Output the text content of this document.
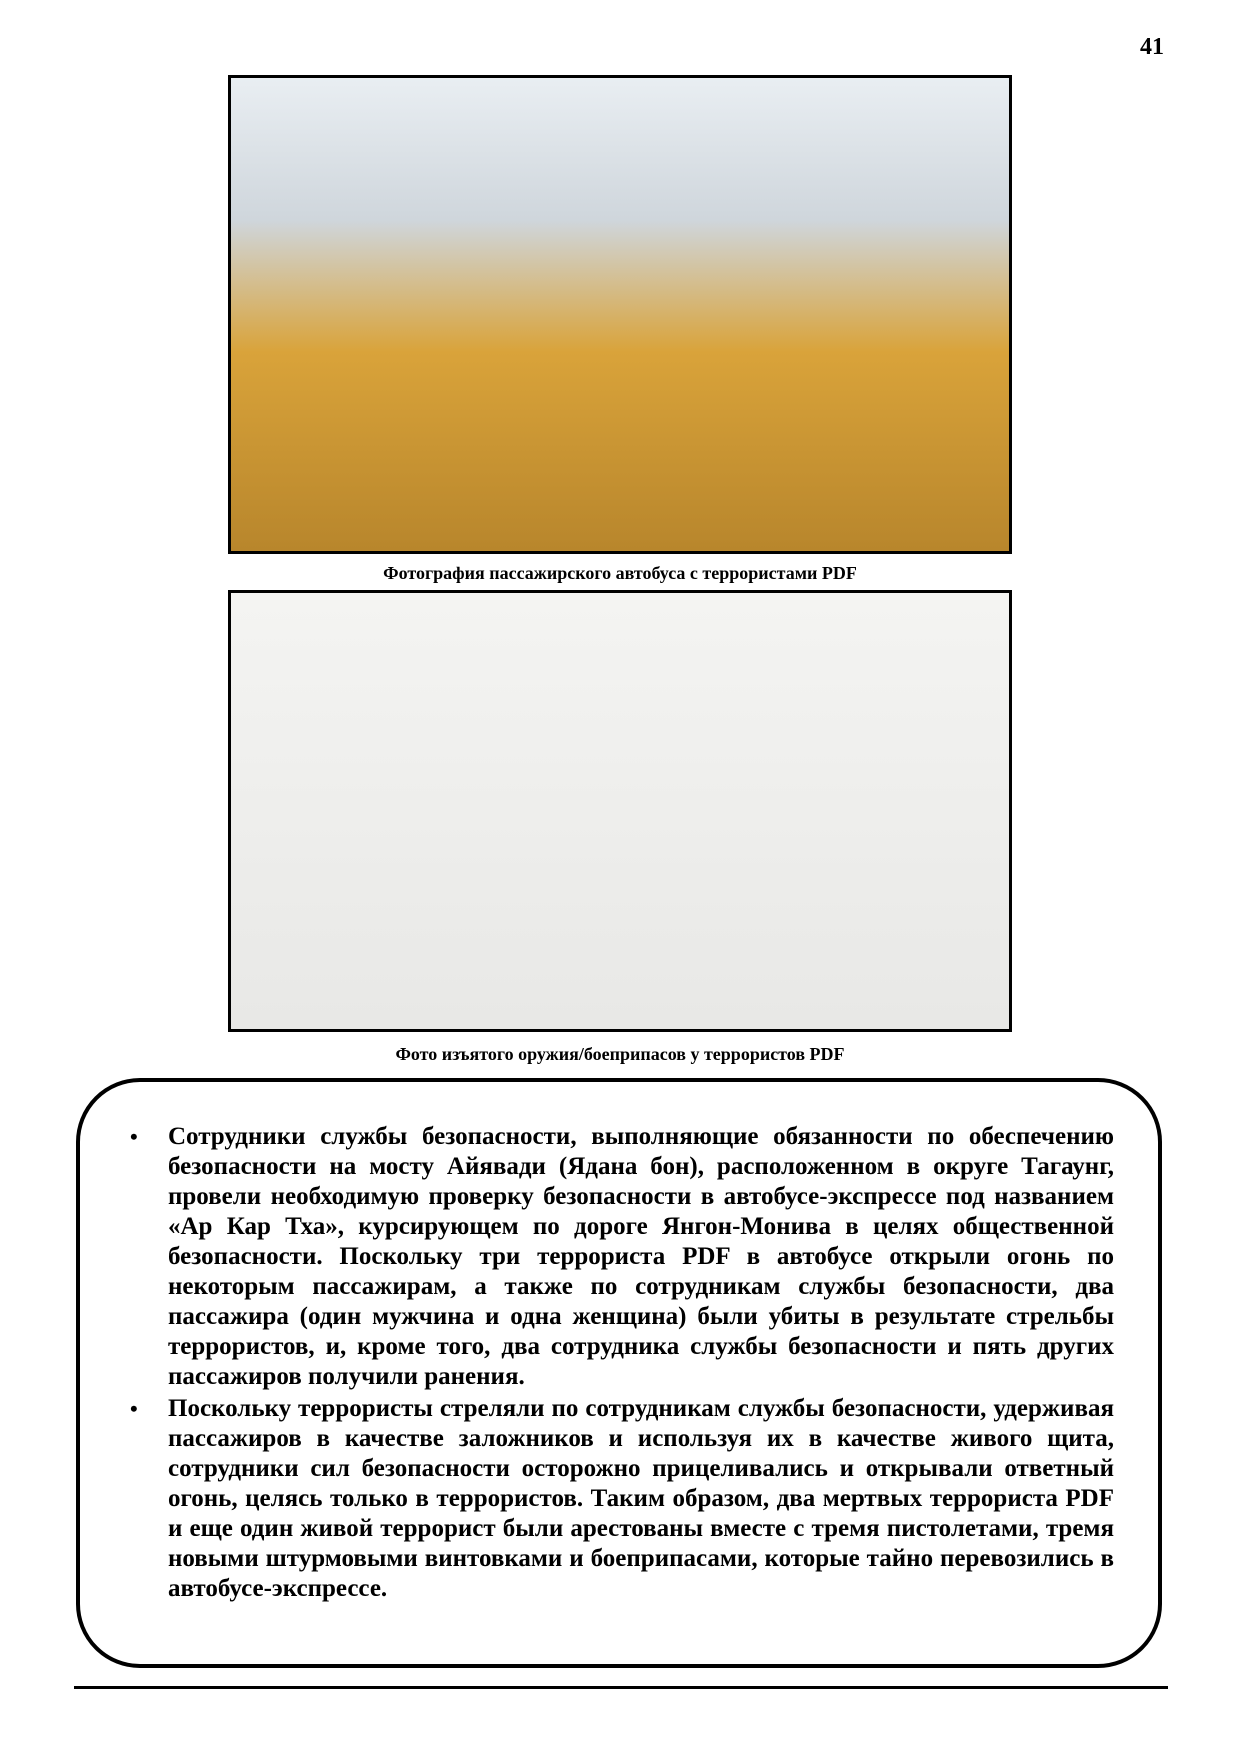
41
Фотография пассажирского автобуса с террористами PDF
Фото изъятого оружия/боеприпасов у террористов PDF
• Сотрудники службы безопасности, выполняющие обязанности по обеспечению безопасности на мосту Айявади (Ядана бон), расположенном в округе Тагаунг, провели необходимую проверку безопасности в автобусе-экспрессе под названием «Ар Кар Тха», курсирующем по дороге Янгон-Монива в целях общественной безопасности. Поскольку три террориста PDF в автобусе открыли огонь по некоторым пассажирам, а также по сотрудникам службы безопасности, два пассажира (один мужчина и одна женщина) были убиты в результате стрельбы террористов, и, кроме того, два сотрудника службы безопасности и пять других пассажиров получили ранения.
• Поскольку террористы стреляли по сотрудникам службы безопасности, удерживая пассажиров в качестве заложников и используя их в качестве живого щита, сотрудники сил безопасности осторожно прицеливались и открывали ответный огонь, целясь только в террористов. Таким образом, два мертвых террориста PDF и еще один живой террорист были арестованы вместе с тремя пистолетами, тремя новыми штурмовыми винтовками и боеприпасами, которые тайно перевозились в автобусе-экспрессе.
